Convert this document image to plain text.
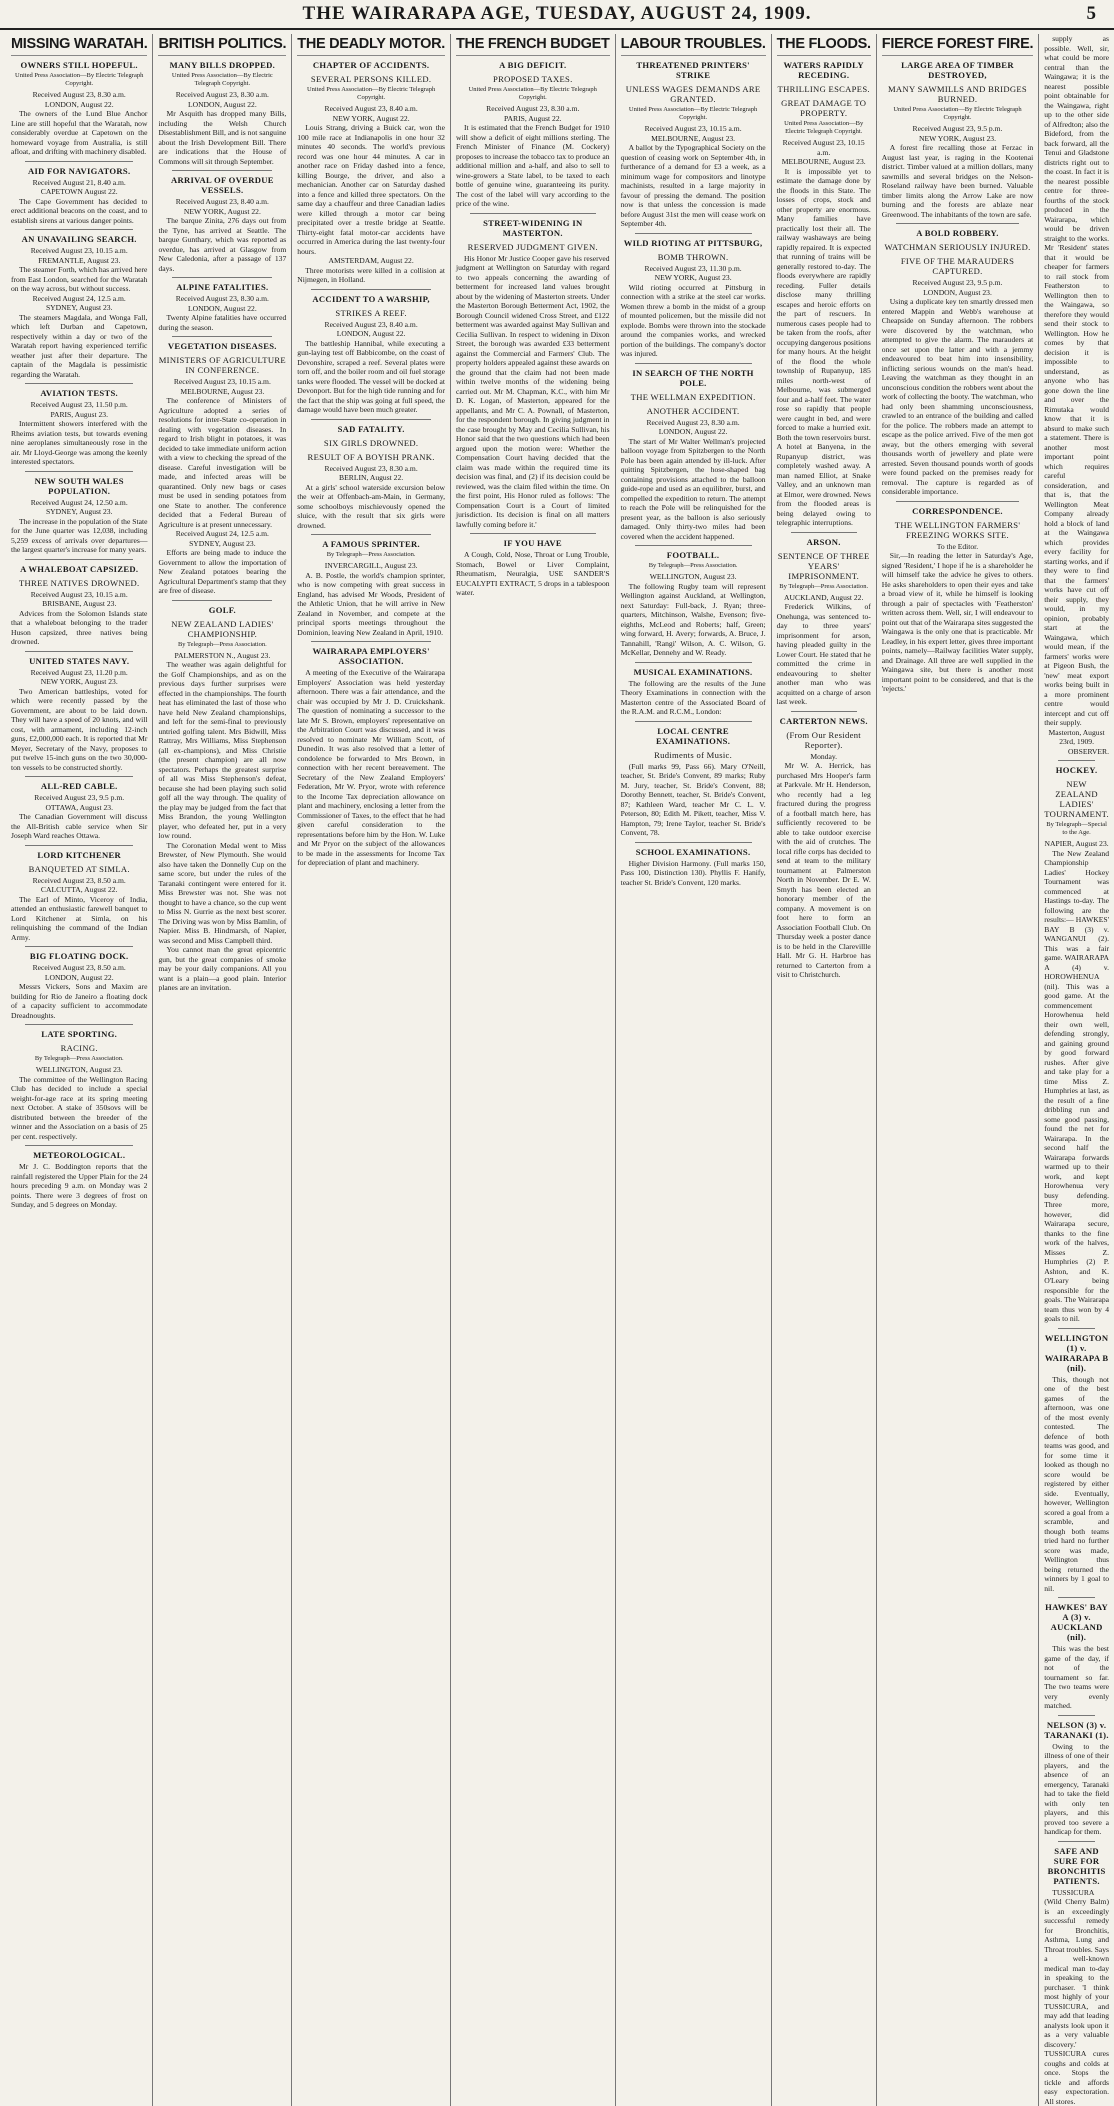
THE WAIRARAPA AGE, TUESDAY, AUGUST 24, 1909.	5
MISSING WARATAH.
OWNERS STILL HOPEFUL.
United Press Association—By Electric Telegraph Copyright.
Received August 23, 8.30 a.m.
LONDON, August 22.

The owners of the Lund Blue Anchor Line are still hopeful that the Waratah, now considerably overdue at Capetown on the homeward voyage from Australia, is still afloat, and drifting with machinery disabled.

AID FOR NAVIGATORS.
Received August 21, 8.40 a.m.
CAPETOWN August 22.

The Cape Government has decided to erect additional beacons on the coast, and to establish sirens at various danger points.

AN UNAVAILING SEARCH.
Received August 23, 10.15 a.m.
FREMANTLE, August 23.

The steamer Forth, which has arrived here from East London, searched for the Waratah on the way across, but without success.

Received August 24, 12.5 a.m.
SYDNEY, August 23.

The steamers Magdala, and Wonga Fall, which left Durban and Capetown, respectively within a day or two of the Waratah report having experienced terrific weather just after their departure. The captain of the Magdala is pessimistic regarding the Waratah.

AVIATION TESTS.
Received August 23, 11.50 p.m.
PARIS, August 23.

Intermittent showers interfered with the Rheims aviation tests, but towards evening nine aeroplanes simultaneously rose in the air. Mr Lloyd-George was among the keenly interested spectators.

NEW SOUTH WALES POPULATION.
Received August 24, 12.50 a.m.
SYDNEY, August 23.

The increase in the population of the State for the June quarter was 12,038, including 5,259 excess of arrivals over departures—the largest quarter's increase for many years.

A WHALEBOAT CAPSIZED.
THREE NATIVES DROWNED.
Received August 23, 10.15 a.m.
BRISBANE, August 23.

Advices from the Solomon Islands state that a whaleboat belonging to the trader Huson capsized, three natives being drowned.

UNITED STATES NAVY.
Received August 23, 11.20 p.m.
NEW YORK, August 23.

Two American battleships, voted for which were recently passed by the Government, are about to be laid down. They will have a speed of 20 knots, and will cost, with armament, including 12-inch guns, £2,000,000 each. It is reported that Mr Meyer, Secretary of the Navy, proposes to put twelve 15-inch guns on the two 30,000-ton vessels to be constructed shortly.

ALL-RED CABLE.
Received August 23, 9.5 p.m.
OTTAWA, August 23.

The Canadian Government will discuss the All-British cable service when Sir Joseph Ward reaches Ottawa.

LORD KITCHENER
BANQUETED AT SIMLA.
Received August 23, 8.50 a.m.
CALCUTTA, August 22.

The Earl of Minto, Viceroy of India, attended an enthusiastic farewell banquet to Lord Kitchener at Simla, on his relinquishing the command of the Indian Army.

BIG FLOATING DOCK.
Received August 23, 8.50 a.m.
LONDON, August 22.

Messrs Vickers, Sons and Maxim are building for Rio de Janeiro a floating dock of a capacity sufficient to accommodate Dreadnoughts.

LATE SPORTING.
RACING.
By Telegraph—Press Association.
WELLINGTON, August 23.

The committee of the Wellington Racing Club has decided to include a special weight-for-age race at its spring meeting next October. A stake of 350sovs will be distributed between the breeder of the winner and the Association on a basis of 25 per cent. respectively.

METEOROLOGICAL.

Mr J. C. Boddington reports that the rainfall registered the Upper Plain for the 24 hours preceding 9 a.m. on Monday was 2 points. There were 3 degrees of frost on Sunday, and 5 degrees on Monday.

BRITISH POLITICS.
MANY BILLS DROPPED.
United Press Association—By Electric Telegraph Copyright.
Received August 23, 8.30 a.m.
LONDON, August 22.

Mr Asquith has dropped many Bills, including the Welsh Church Disestablishment Bill, and is not sanguine about the Irish Development Bill. There are indications that the House of Commons will sit through September.

ARRIVAL OF OVERDUE VESSELS.
Received August 23, 8.40 a.m.
NEW YORK, August 22.

The barque Zinita, 276 days out from the Tyne, has arrived at Seattle. The barque Gunthary, which was reported as overdue, has arrived at Glasgow from New Caledonia, after a passage of 137 days.

ALPINE FATALITIES.
Received August 23, 8.30 a.m.
LONDON, August 22.

Twenty Alpine fatalities have occurred during the season.

VEGETATION DISEASES.
MINISTERS OF AGRICULTURE IN CONFERENCE.
Received August 23, 10.15 a.m.
MELBOURNE, August 23.

The conference of Ministers of Agriculture adopted a series of resolutions for inter-State co-operation in dealing with vegetation diseases. In regard to Irish blight in potatoes, it was decided to take immediate uniform action with a view to checking the spread of the disease. Careful investigation will be made, and infected areas will be quarantined. Only new bags or cases must be used in sending potatoes from one State to another. The conference decided that a Federal Bureau of Agriculture is at present unnecessary.

Received August 24, 12.5 a.m.
SYDNEY, August 23.

Efforts are being made to induce the Government to allow the importation of New Zealand potatoes bearing the Agricultural Department's stamp that they are free of disease.

GOLF.
NEW ZEALAND LADIES' CHAMPIONSHIP.
By Telegraph—Press Association.
PALMERSTON N., August 23.

The weather was again delightful for the Golf Championships, and as on the previous days further surprises were effected in the championships. The fourth heat has eliminated the last of those who have held New Zealand championships, and left for the semi-final to previously untried golfing talent. Mrs Bidwill, Miss Rattray, Mrs Williams, Miss Stephenson (all ex-champions), and Miss Christie (the present champion) are all now spectators. Perhaps the greatest surprise of all was Miss Stephenson's defeat, because she had been playing such solid golf all the way through. The quality of the play may be judged from the fact that Miss Brandon, the young Wellington player, who defeated her, put in a very low round.

The Coronation Medal went to Miss Brewster, of New Plymouth. She would also have taken the Donnelly Cup on the same score, but under the rules of the Taranaki contingent were entered for it. Miss Brewster was not. She was not thought to have a chance, so the cup went to Miss N. Gurrie as the next best scorer. The Driving was won by Miss Bamlin, of Napier. Miss B. Hindmarsh, of Napier, was second and Miss Campbell third.

You cannot man the great epicentric gun, but the great companies of smoke may be your daily companions. All you want is a plain—a good plain. Interior planes are an invitation.

THE DEADLY MOTOR.
CHAPTER OF ACCIDENTS.
SEVERAL PERSONS KILLED.
United Press Association—By Electric Telegraph Copyright.
Received August 23, 8.40 a.m.
NEW YORK, August 22.

Louis Strang, driving a Buick car, won the 100 mile race at Indianapolis in one hour 32 minutes 40 seconds. The world's previous record was one hour 44 minutes. A car in another race on Friday dashed into a fence, killing Bourge, the driver, and also a mechanician. Another car on Saturday dashed into a fence and killed three spectators. On the same day a chauffeur and three Canadian ladies were killed through a motor car being precipitated over a trestle bridge at Seattle. Thirty-eight fatal motor-car accidents have occurred in America during the last twenty-four hours.

AMSTERDAM, August 22.

Three motorists were killed in a collision at Nijmegen, in Holland.

ACCIDENT TO A WARSHIP,
STRIKES A REEF.
Received August 23, 8.40 a.m.
LONDON, August 22.

The battleship Hannibal, while executing a gun-laying test off Babbicombe, on the coast of Devonshire, scraped a reef. Several plates were torn off, and the boiler room and oil fuel storage tanks were flooded. The vessel will be docked at Devonport. But for the high tide running and for the fact that the ship was going at full speed, the damage would have been much greater.

SAD FATALITY.
SIX GIRLS DROWNED.
RESULT OF A BOYISH PRANK.
Received August 23, 8.30 a.m.
BERLIN, August 22.

At a girls' school waterside excursion below the weir at Offenbach-am-Main, in Germany, some schoolboys mischievously opened the sluice, with the result that six girls were drowned.

A FAMOUS SPRINTER.
By Telegraph—Press Association.
INVERCARGILL, August 23.

A. B. Postle, the world's champion sprinter, who is now competing with great success in England, has advised Mr Woods, President of the Athletic Union, that he will arrive in New Zealand in November, and compete at the principal sports meetings throughout the Dominion, leaving New Zealand in April, 1910.

WAIRARAPA EMPLOYERS' ASSOCIATION.

A meeting of the Executive of the Wairarapa Employers' Association was held yesterday afternoon. There was a fair attendance, and the chair was occupied by Mr J. D. Cruickshank. The question of nominating a successor to the late Mr S. Brown, employers' representative on the Arbitration Court was discussed, and it was resolved to nominate Mr William Scott, of Dunedin. It was also resolved that a letter of condolence be forwarded to Mrs Brown, in connection with her recent bereavement. The Secretary of the New Zealand Employers' Federation, Mr W. Pryor, wrote with reference to the Income Tax depreciation allowance on plant and machinery, enclosing a letter from the Commissioner of Taxes, to the effect that he had given careful consideration to the representations before him by the Hon. W. Luke and Mr Pryor on the subject of the allowances to be made in the assessments for Income Tax for depreciation of plant and machinery.

THE FRENCH BUDGET
A BIG DEFICIT.
PROPOSED TAXES.
United Press Association—By Electric Telegraph Copyright.
Received August 23, 8.30 a.m.
PARIS, August 22.

It is estimated that the French Budget for 1910 will show a deficit of eight millions sterling. The French Minister of Finance (M. Cockery) proposes to increase the tobacco tax to produce an additional million and a-half, and also to sell to wine-growers a State label, to be taxed to each bottle of genuine wine, guaranteeing its purity. The cost of the label will vary according to the price of the wine.

STREET-WIDENING IN MASTERTON.
RESERVED JUDGMENT GIVEN.

His Honor Mr Justice Cooper gave his reserved judgment at Wellington on Saturday with regard to two appeals concerning the awarding of betterment for increased land values brought about by the widening of Masterton streets. Under the Masterton Borough Betterment Act, 1902, the Borough Council widened Cross Street, and £122 betterment was awarded against May Sullivan and Cecilia Sullivan. In respect to widening in Dixon Street, the borough was awarded £33 betterment against the Commercial and Farmers' Club. The property holders appealed against these awards on the ground that the claim had not been made within twelve months of the widening being carried out. Mr M. Chapman, K.C., with him Mr D. K. Logan, of Masterton, appeared for the appellants, and Mr C. A. Pownall, of Masterton, for the respondent borough. In giving judgment in the case brought by May and Cecilia Sullivan, his Honor said that the two questions which had been argued upon the motion were: Whether the Compensation Court having decided that the claim was made within the required time its decision was final, and (2) if its decision could be reviewed, was the claim filed within the time. On the first point, His Honor ruled as follows: 'The Compensation Court is a Court of limited jurisdiction. Its decision is final on all matters lawfully coming before it.'

IF YOU HAVE

A Cough, Cold, Nose, Throat or Lung Trouble, Stomach, Bowel or Liver Complaint, Rheumatism, Neuralgia, USE SANDER'S EUCALYPTI EXTRACT, 5 drops in a tablespoon water.

LABOUR TROUBLES.
THREATENED PRINTERS' STRIKE
UNLESS WAGES DEMANDS ARE GRANTED.
United Press Association—By Electric Telegraph Copyright.
Received August 23, 10.15 a.m.
MELBOURNE, August 23.

A ballot by the Typographical Society on the question of ceasing work on September 4th, in furtherance of a demand for £3 a week, as a minimum wage for compositors and linotype machinists, resulted in a large majority in favour of pressing the demand. The position now is that unless the concession is made before August 31st the men will cease work on September 4th.

WILD RIOTING AT PITTSBURG,
BOMB THROWN.
Received August 23, 11.30 p.m.
NEW YORK, August 23.

Wild rioting occurred at Pittsburg in connection with a strike at the steel car works. Women threw a bomb in the midst of a group of mounted policemen, but the missile did not explode. Bombs were thrown into the stockade around the companies works, and wrecked portion of the buildings. The company's doctor was injured.

IN SEARCH OF THE NORTH POLE.
THE WELLMAN EXPEDITION.
ANOTHER ACCIDENT.
Received August 23, 8.30 a.m.
LONDON, August 22.

The start of Mr Walter Wellman's projected balloon voyage from Spitzbergen to the North Pole has been again attended by ill-luck. After quitting Spitzbergen, the hose-shaped bag containing provisions attached to the balloon guide-rope and used as an equilibrer, burst, and compelled the expedition to return. The attempt to reach the Pole will be relinquished for the present year, as the balloon is also seriously damaged. Only thirty-two miles had been covered when the accident happened.

FOOTBALL.
By Telegraph—Press Association.
WELLINGTON, August 23.

The following Rugby team will represent Wellington against Auckland, at Wellington, next Saturday: Full-back, J. Ryan; three-quarters, Mitchinson, Walshe, Evenson; five-eighths, McLeod and Roberts; half, Green; wing forward, H. Avery; forwards, A. Bruce, J. Tannahill, 'Rangi' Wilson, A. C. Wilson, G. McKellar, Dennehy and W. Ready.

MUSICAL EXAMINATIONS.

The following are the results of the June Theory Examinations in connection with the Masterton centre of the Associated Board of the R.A.M. and R.C.M., London:

LOCAL CENTRE EXAMINATIONS.
Rudiments of Music.

(Full marks 99, Pass 66). Mary O'Neill, teacher, St. Bride's Convent, 89 marks; Ruby M. Jury, teacher, St. Bride's Convent, 88; Dorothy Bennett, teacher, St. Bride's Convent, 87; Kathleen Ward, teacher Mr C. L. V. Peterson, 80; Edith M. Pikett, teacher, Miss V. Hampton, 79; Irene Taylor, teacher St. Bride's Convent, 78.

SCHOOL EXAMINATIONS.

Higher Division Harmony. (Full marks 150, Pass 100, Distinction 130). Phyllis F. Hanify, teacher St. Bride's Convent, 120 marks.

THE FLOODS.
WATERS RAPIDLY RECEDING.
THRILLING ESCAPES.
GREAT DAMAGE TO PROPERTY.
United Press Association—By Electric Telegraph Copyright.
Received August 23, 10.15 a.m.
MELBOURNE, August 23.

It is impossible yet to estimate the damage done by the floods in this State. The losses of crops, stock and other property are enormous. Many families have practically lost their all. The railway washaways are being rapidly repaired. It is expected that running of trains will be generally restored to-day. The floods everywhere are rapidly receding. Fuller details disclose many thrilling escapes and heroic efforts on the part of rescuers. In numerous cases people had to be taken from the roofs, after occupying dangerous positions for many hours. At the height of the flood the whole township of Rupanyup, 185 miles north-west of Melbourne, was submerged four and a-half feet. The water rose so rapidly that people were caught in bed, and were forced to make a hurried exit. Both the town reservoirs burst. A hotel at Banyena, in the Rupanyup district, was completely washed away. A man named Elliot, at Snake Valley, and an unknown man at Elmor, were drowned. News from the flooded areas is being delayed owing to telegraphic interruptions.

ARSON.
SENTENCE OF THREE YEARS' IMPRISONMENT.
By Telegraph—Press Association.
AUCKLAND, August 22.

Frederick Wilkins, of Onehunga, was sentenced to-day to three years' imprisonment for arson, having pleaded guilty in the Lower Court. He stated that he committed the crime in endeavouring to shelter another man who was acquitted on a charge of arson last week.

CARTERTON NEWS.
(From Our Resident Reporter).
Monday.

Mr W. A. Herrick, has purchased Mrs Hooper's farm at Parkvale. Mr H. Henderson, who recently had a leg fractured during the progress of a football match here, has sufficiently recovered to be able to take outdoor exercise with the aid of crutches. The local rifle corps has decided to send at team to the military tournament at Palmerston North in November. Dr E. W. Smyth has been elected an honorary member of the company. A movement is on foot here to form an Association Football Club. On Thursday week a poster dance is to be held in the Clarevillle Hall. Mr G. H. Harbroe has returned to Carterton from a visit to Christchurch.

FIERCE FOREST FIRE.
LARGE AREA OF TIMBER DESTROYED,
MANY SAWMILLS AND BRIDGES BURNED.
United Press Association—By Electric Telegraph Copyright.
Received August 23, 9.5 p.m.
NEW YORK, August 23.

A forest fire recalling those at Ferzac in August last year, is raging in the Kootenai district. Timber valued at a million dollars, many sawmills and several bridges on the Nelson-Roseland railway have been burned. Valuable timber limits along the Arrow Lake are now burning and the forests are ablaze near Greenwood. The inhabitants of the town are safe.

A BOLD ROBBERY.
WATCHMAN SERIOUSLY INJURED.
FIVE OF THE MARAUDERS CAPTURED.
Received August 23, 9.5 p.m.
LONDON, August 23.

Using a duplicate key ten smartly dressed men entered Mappin and Webb's warehouse at Cheapside on Sunday afternoon. The robbers were discovered by the watchman, who attempted to give the alarm. The marauders at once set upon the latter and with a jemmy endeavoured to beat him into insensibility, inflicting serious wounds on the man's head. Leaving the watchman as they thought in an unconscious condition the robbers went about the work of collecting the booty. The watchman, who had only been shamming unconsciousness, crawled to an entrance of the building and called for the police. The robbers made an attempt to escape as the police arrived. Five of the men got away, but the others emerging with several thousands worth of jewellery and plate were arrested. Seven thousand pounds worth of goods were found packed on the premises ready for removal. The capture is regarded as of considerable importance.

CORRESPONDENCE.
THE WELLINGTON FARMERS' FREEZING WORKS SITE.
To the Editor.

Sir,—In reading the letter in Saturday's Age, signed 'Resident,' I hope if he is a shareholder he will himself take the advice he gives to others. He asks shareholders to open their eyes and take a broad view of it, while he himself is looking through a pair of spectacles with 'Featherston' written across them. Well, sir, I will endeavour to point out that of the Wairarapa sites suggested the Waingawa is the only one that is practicable. Mr Leadley, in his expert letter, gives three important points, namely—Railway facilities Water supply, and Drainage. All three are well supplied in the Waingawa site, but there is another most important point to be considered, and that is the 'rejects.'

supply as possible. Well, sir, what could be more central than the Waingawa; it is the nearest possible point obtainable for the Waingawa, right up to the other side of Alfredton; also the Bideford, from the back forward, all the Tenui and Gladstone districts right out to the coast. In fact it is the nearest possible centre for three-fourths of the stock produced in the Wairarapa, which would be driven straight to the works. Mr 'Resident' states that it would be cheaper for farmers to rail stock from Featherston to Wellington then to the Waingawa, so therefore they would send their stock to Wellington. How he comes by that decision it is impossible to understand, as anyone who has gone down the line and over the Rimutaka would know that it is absurd to make such a statement. There is another most important point which requires careful consideration, and that is, that the Wellington Meat Company already hold a block of land at the Waingawa which provides every facility for starting works, and if they were to find that the farmers' works have cut off their supply, they would, in my opinion, probably start at the Waingawa, which would mean, if the farmers' works were at Pigeon Bush, the 'new' meat export works being built in a more prominent centre would intercept and cut off their supply.

Masterton, August 23rd, 1909.
OBSERVER.
HOCKEY.
NEW ZEALAND LADIES' TOURNAMENT.
By Telegraph—Special to the Age.
NAPIER, August 23.

The New Zealand Championship Ladies' Hockey Tournament was commenced at Hastings to-day. The following are the results:— HAWKES' BAY B (3) v. WANGANUI (2). This was a fair game. WAIRARAPA A (4) v. HOROWHENUA (nil). This was a good game. At the commencement Horowhenua held their own well, defending strongly, and gaining ground by good forward rushes. After give and take play for a time Miss Z. Humphries at last, as the result of a fine dribbling run and some good passing, found the net for Wairarapa. In the second half the Wairarapa forwards warmed up to their work, and kept Horowhenua very busy defending. Three more, however, did Wairarapa secure, thanks to the fine work of the halves, Misses Z. Humphries (2) P. Ashton, and K. O'Leary being responsible for the goals. The Wairarapa team thus won by 4 goals to nil.

WELLINGTON (1) v. WAIRARAPA B (nil).

This, though not one of the best games of the afternoon, was one of the most evenly contested. The defence of both teams was good, and for some time it looked as though no score would be registered by either side. Eventually, however, Wellington scored a goal from a scramble, and though both teams tried hard no further score was made, Wellington thus being returned the winners by 1 goal to nil.

HAWKES' BAY A (3) v. AUCKLAND (nil).

This was the best game of the day, if not of the tournament so far. The two teams were very evenly matched.

NELSON (3) v. TARANAKI (1).

Owing to the illness of one of their players, and the absence of an emergency, Taranaki had to take the field with only ten players, and this proved too severe a handicap for them.

SAFE AND SURE FOR BRONCHITIS PATIENTS.

TUSSICURA (Wild Cherry Balm) is an exceedingly successful remedy for Bronchitis, Asthma, Lung and Throat troubles. Says a well-known medical man to-day in speaking to the purchaser. 'I think most highly of your TUSSICURA, and may add that leading analysts look upon it as a very valuable discovery.' TUSSICURA cures coughs and colds at once. Stops the tickle and affords easy expectoration. All stores.
